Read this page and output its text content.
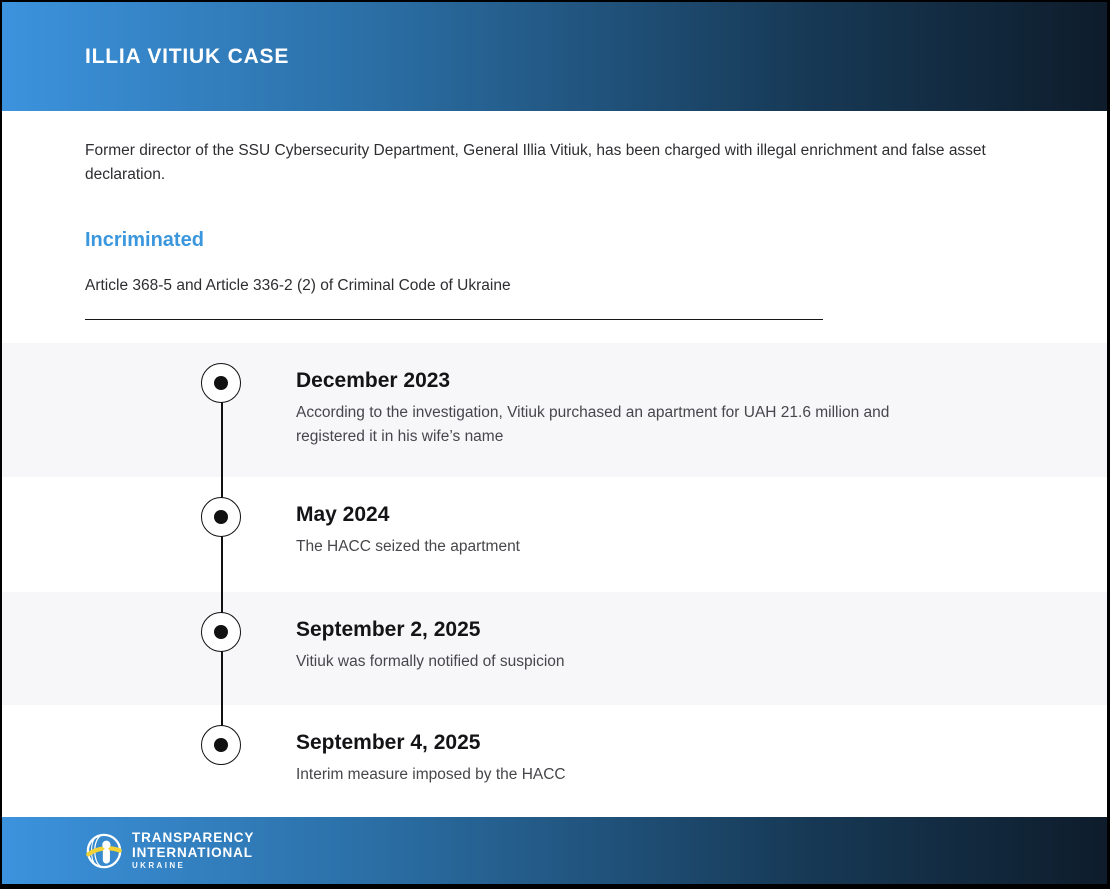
ILLIA VITIUK CASE

Former director of the SSU Cybersecurity Department, General Illia Vitiuk, has been charged with illegal enrichment and false asset declaration.

Incriminated

Article 368-5 and Article 336-2 (2) of Criminal Code of Ukraine

December 2023

According to the investigation, Vitiuk purchased an apartment for UAH 21.6 million and registered it in his wife’s name

May 2024

The HACC seized the apartment

September 2, 2025

Vitiuk was formally notified of suspicion

September 4, 2025

Interim measure imposed by the HACC

TRANSPARENCY
INTERNATIONAL
UKRAINE
